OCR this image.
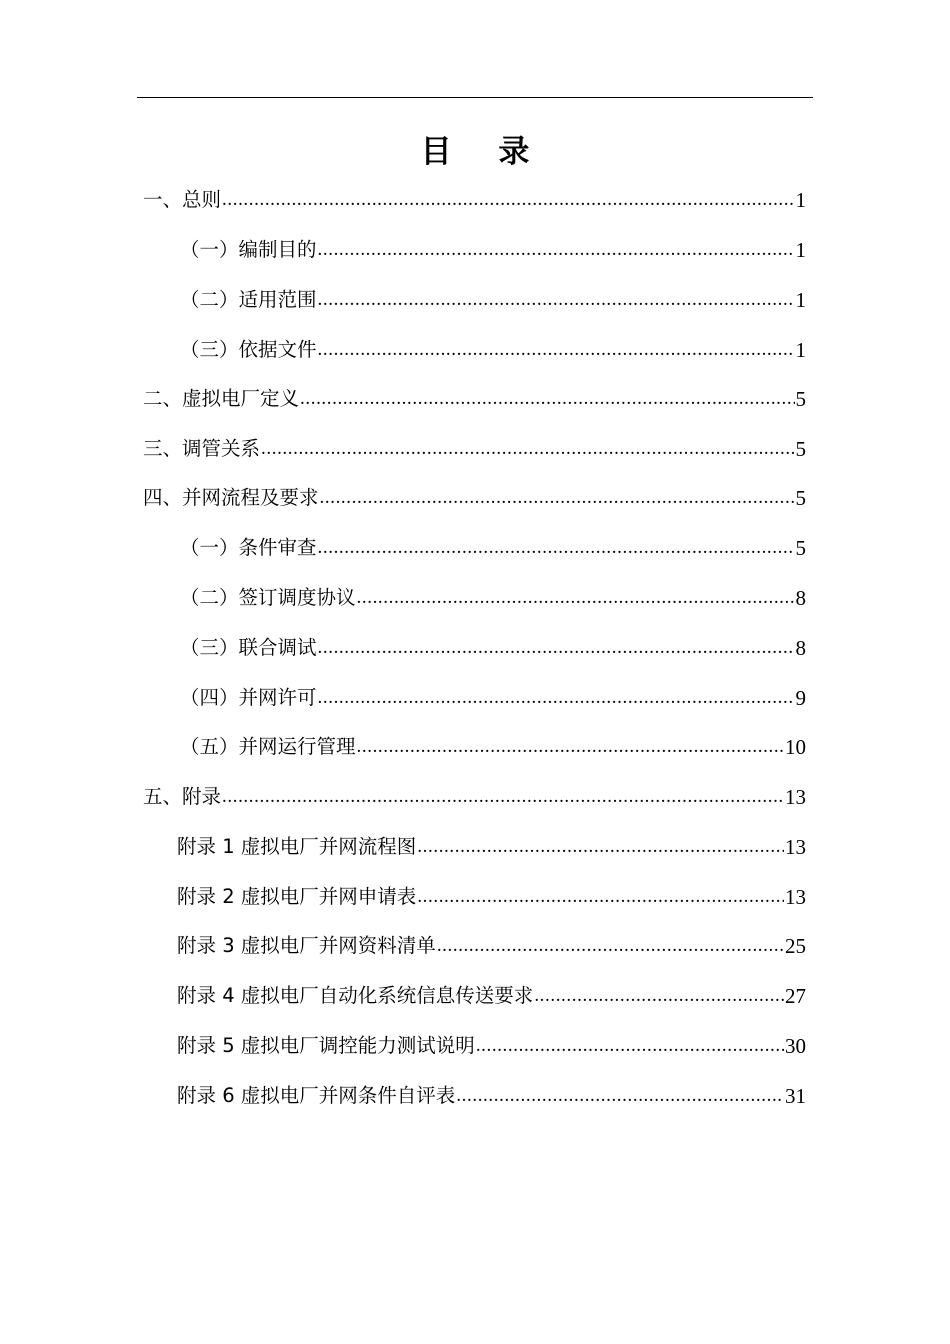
目 录
一、总则 .....	1
（一）编制目的 .....	1
（二）适用范围 .....	1
（三）依据文件 .....	1
二、虚拟电厂定义 .....	5
三、调管关系 .....	5
四、并网流程及要求 .....	5
（一）条件审查 .....	5
（二）签订调度协议 .....	8
（三）联合调试 .....	8
（四）并网许可 .....	9
（五）并网运行管理 .....	10
五、附录 .....	13
附录 1 虚拟电厂并网流程图 .....	13
附录 2 虚拟电厂并网申请表 .....	13
附录 3 虚拟电厂并网资料清单 .....	25
附录 4 虚拟电厂自动化系统信息传送要求 .....	27
附录 5 虚拟电厂调控能力测试说明 .....	30
附录 6 虚拟电厂并网条件自评表 .....	31
